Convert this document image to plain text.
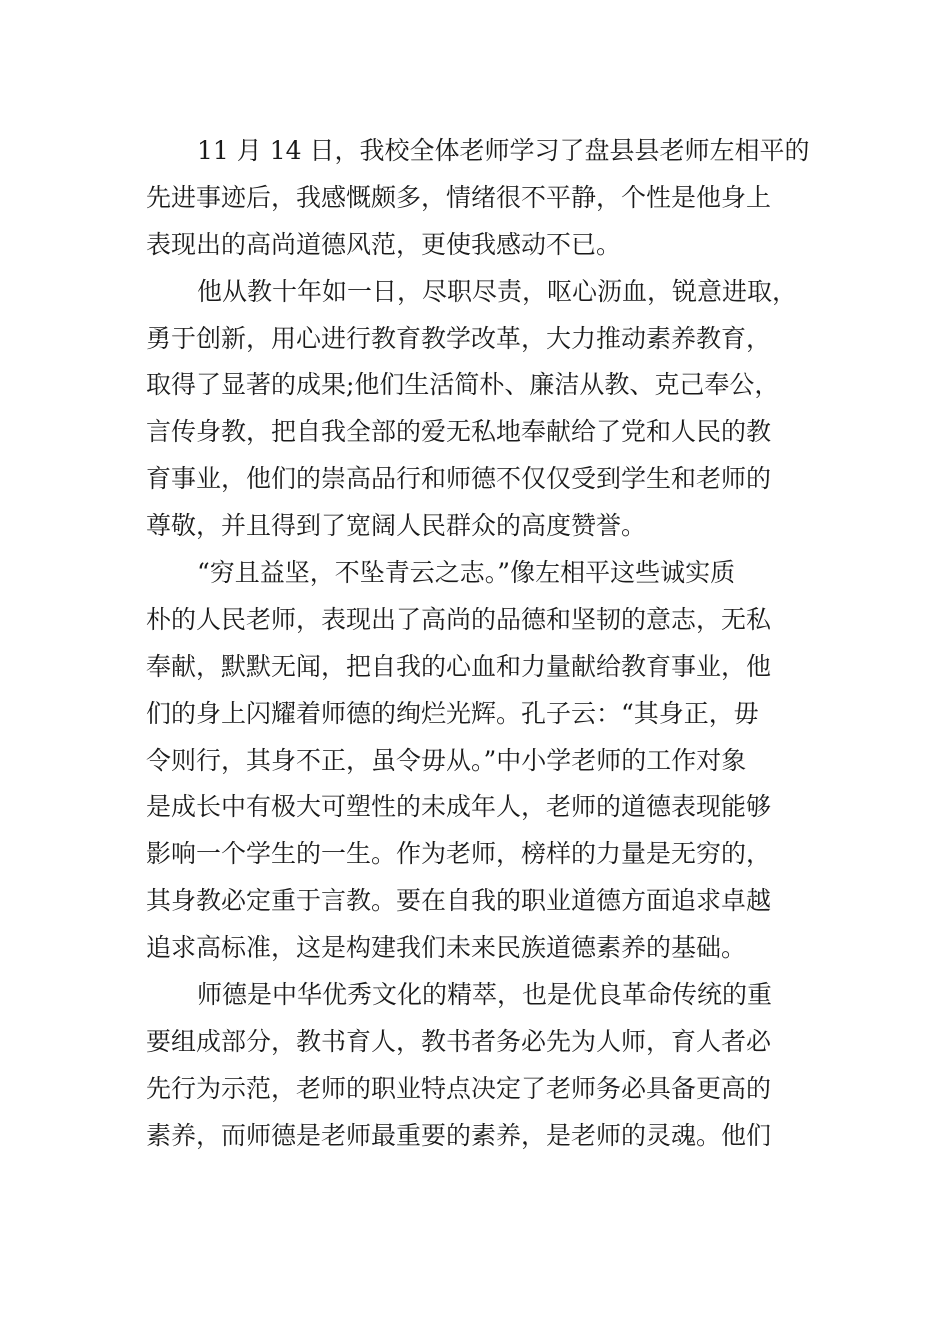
11 月 14 日，我校全体老师学习了盘县县老师左相平的
先进事迹后，我感慨颇多，情绪很不平静，个性是他身上
表现出的高尚道德风范，更使我感动不已。
他从教十年如一日，尽职尽责，呕心沥血，锐意进取，
勇于创新，用心进行教育教学改革，大力推动素养教育，
取得了显著的成果;他们生活简朴、廉洁从教、克己奉公，
言传身教，把自我全部的爱无私地奉献给了党和人民的教
育事业，他们的崇高品行和师德不仅仅受到学生和老师的
尊敬，并且得到了宽阔人民群众的高度赞誉。
“穷且益坚，不坠青云之志。”像左相平这些诚实质
朴的人民老师，表现出了高尚的品德和坚韧的意志，无私
奉献，默默无闻，把自我的心血和力量献给教育事业，他
们的身上闪耀着师德的绚烂光辉。孔子云：“其身正，毋
令则行，其身不正，虽令毋从。”中小学老师的工作对象
是成长中有极大可塑性的未成年人，老师的道德表现能够
影响一个学生的一生。作为老师，榜样的力量是无穷的，
其身教必定重于言教。要在自我的职业道德方面追求卓越
追求高标准，这是构建我们未来民族道德素养的基础。
师德是中华优秀文化的精萃，也是优良革命传统的重
要组成部分，教书育人，教书者务必先为人师，育人者必
先行为示范，老师的职业特点决定了老师务必具备更高的
素养，而师德是老师最重要的素养，是老师的灵魂。他们
